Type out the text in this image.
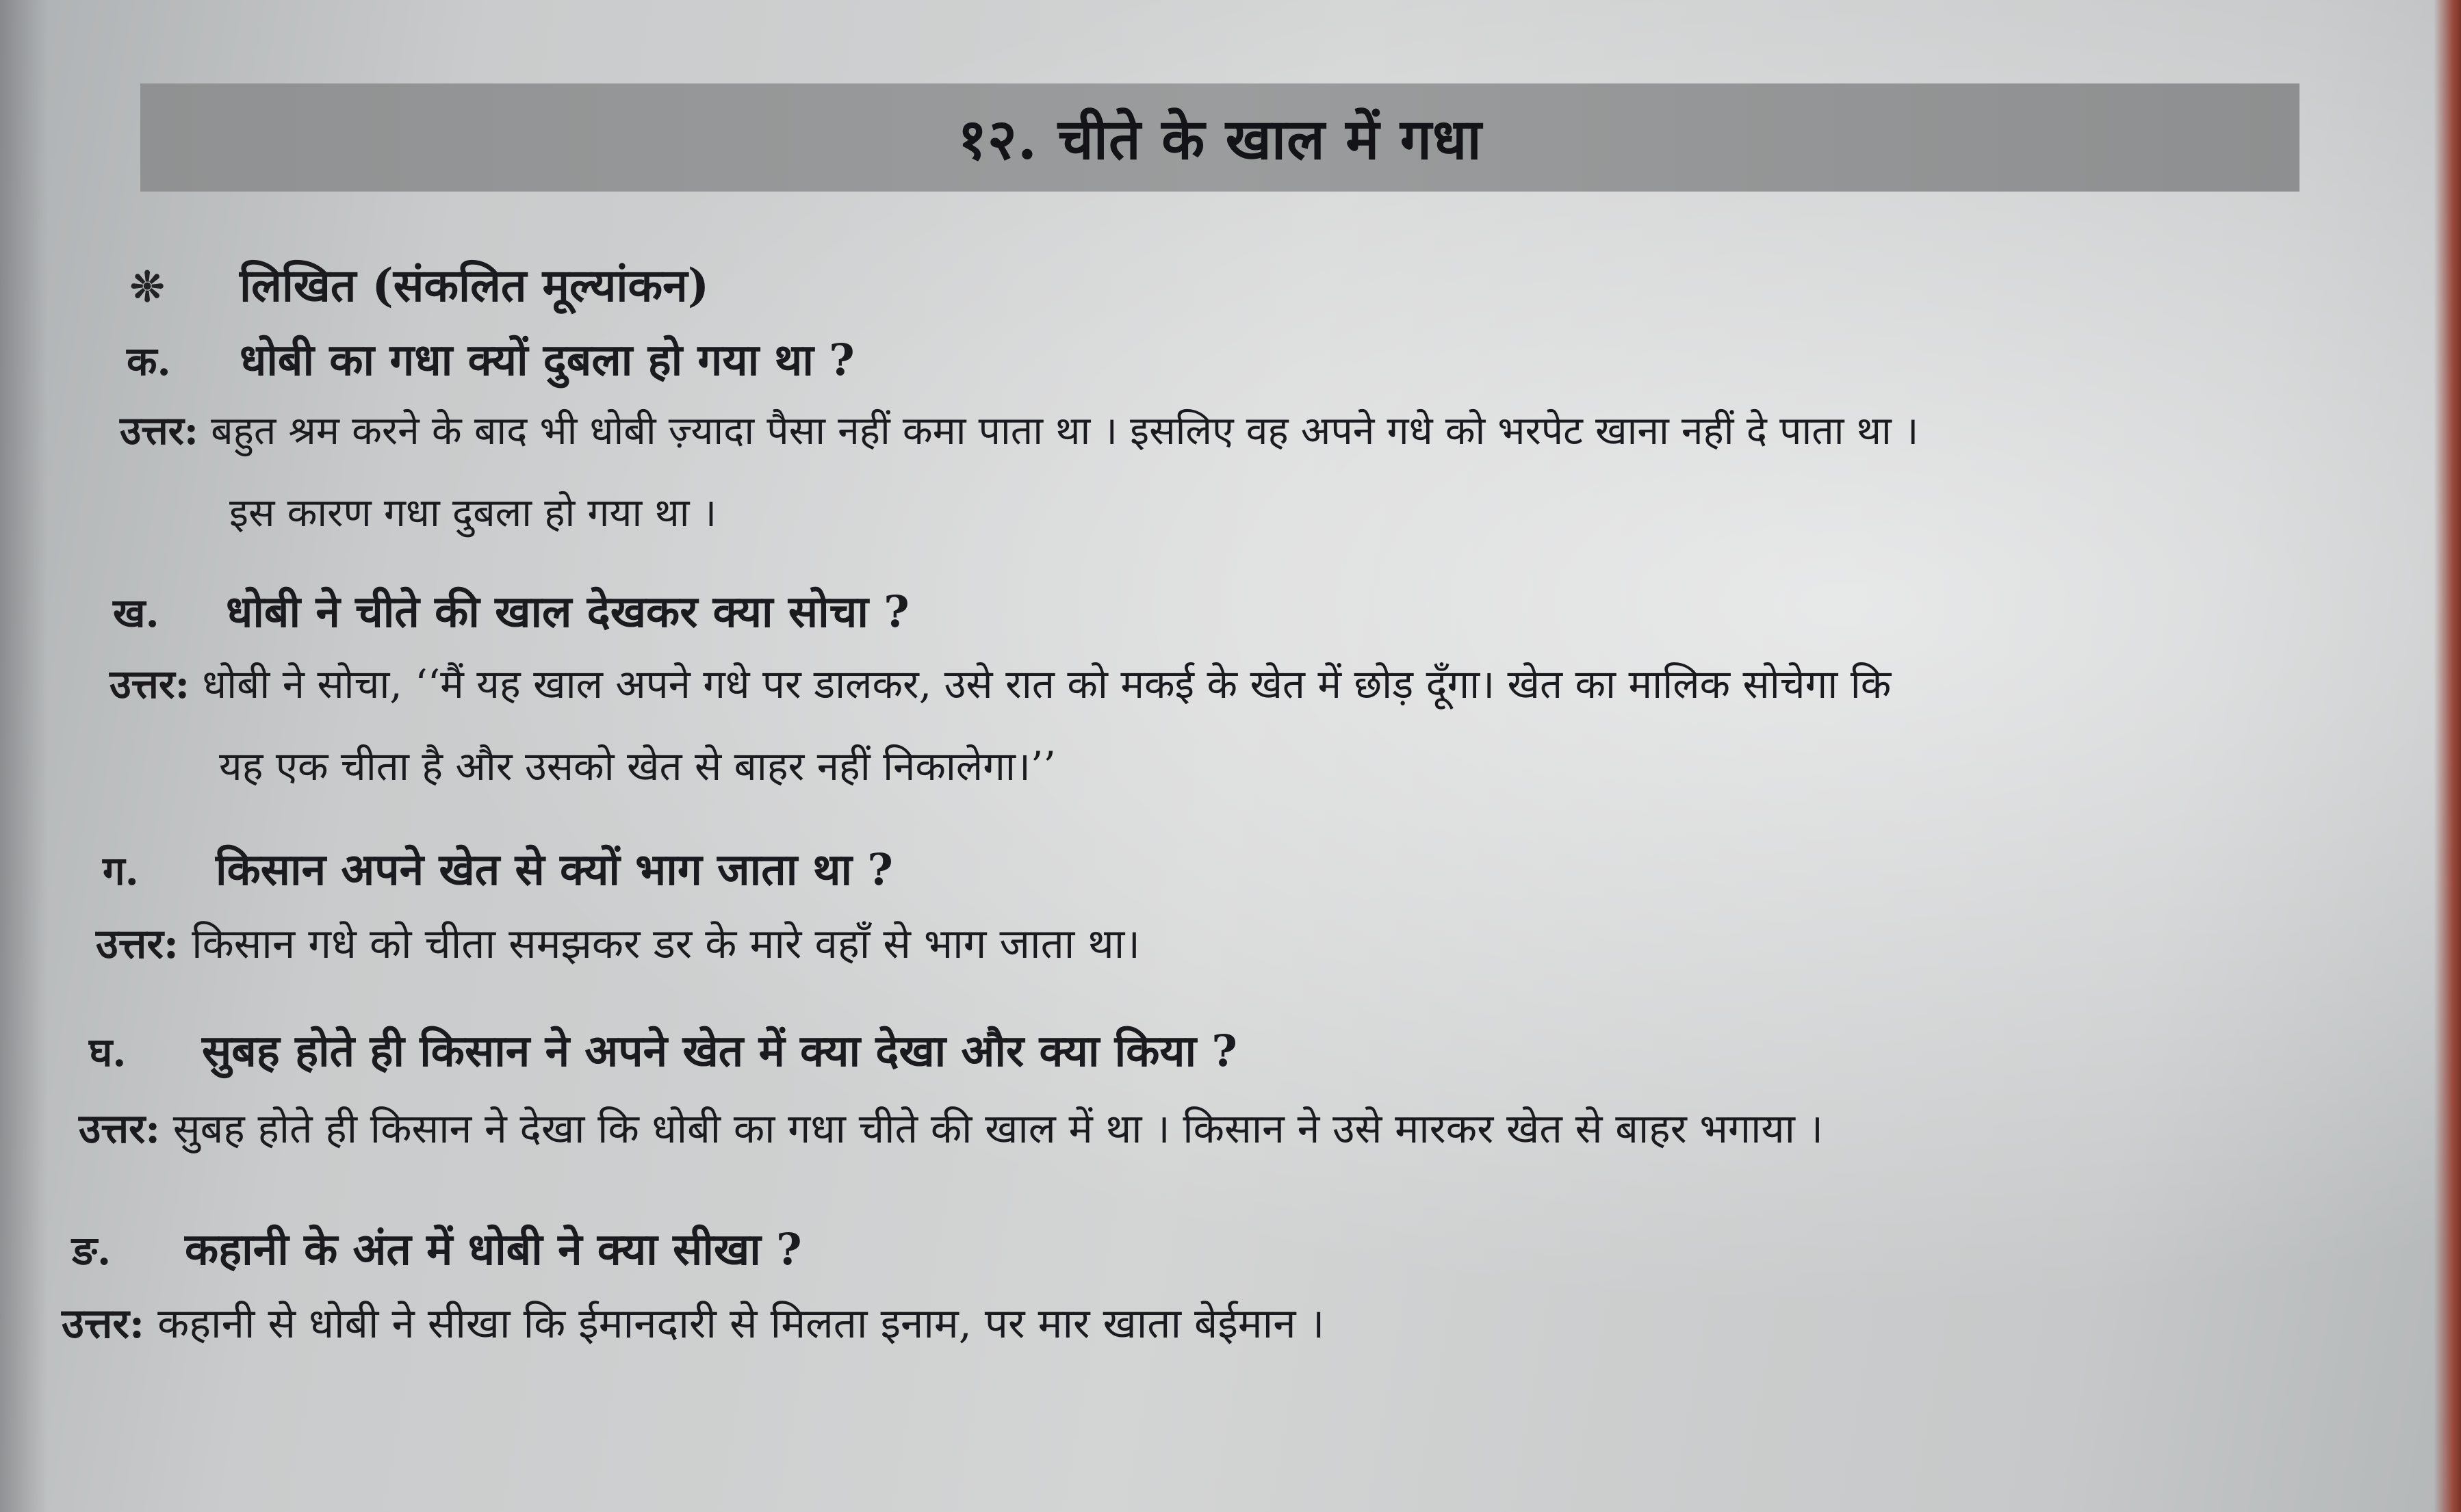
१२. चीते के खाल में गधा
❊	लिखित (संकलित मूल्यांकन)
क.	धोबी का गधा क्यों दुबला हो गया था ?
उत्तर: बहुत श्रम करने के बाद भी धोबी ज़्यादा पैसा नहीं कमा पाता था । इसलिए वह अपने गधे को भरपेट खाना नहीं दे पाता था ।
इस कारण गधा दुबला हो गया था ।
ख.	धोबी ने चीते की खाल देखकर क्या सोचा ?
उत्तर: धोबी ने सोचा, ‘‘मैं यह खाल अपने गधे पर डालकर, उसे रात को मकई के खेत में छोड़ दूँगा। खेत का मालिक सोचेगा कि
यह एक चीता है और उसको खेत से बाहर नहीं निकालेगा।’’
ग.	किसान अपने खेत से क्यों भाग जाता था ?
उत्तर: किसान गधे को चीता समझकर डर के मारे वहाँ से भाग जाता था।
घ.	सुबह होते ही किसान ने अपने खेत में क्या देखा और क्या किया ?
उत्तर: सुबह होते ही किसान ने देखा कि धोबी का गधा चीते की खाल में था । किसान ने उसे मारकर खेत से बाहर भगाया ।
ङ.	कहानी के अंत में धोबी ने क्या सीखा ?
उत्तर: कहानी से धोबी ने सीखा कि ईमानदारी से मिलता इनाम, पर मार खाता बेईमान ।
